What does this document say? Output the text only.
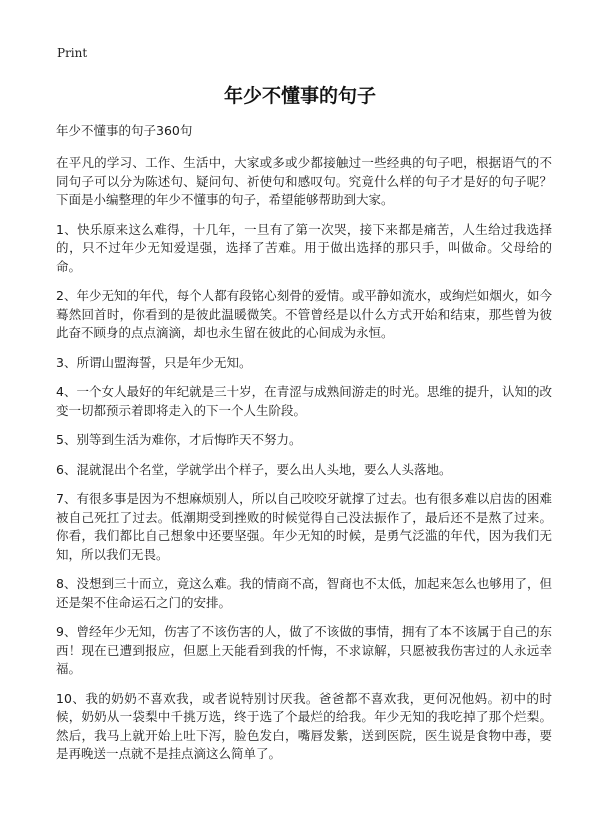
Print
年少不懂事的句子

年少不懂事的句子360句

在平凡的学习、工作、生活中，大家或多或少都接触过一些经典的句子吧，根据语气的不同句子可以分为陈述句、疑问句、祈使句和感叹句。究竟什么样的句子才是好的句子呢？下面是小编整理的年少不懂事的句子，希望能够帮助到大家。

1、快乐原来这么难得，十几年，一旦有了第一次哭，接下来都是痛苦，人生给过我选择的，只不过年少无知爱逞强，选择了苦难。用于做出选择的那只手，叫做命。父母给的命。

2、年少无知的年代，每个人都有段铭心刻骨的爱情。或平静如流水，或绚烂如烟火，如今蓦然回首时，你看到的是彼此温暖微笑。不管曾经是以什么方式开始和结束，那些曾为彼此奋不顾身的点点滴滴，却也永生留在彼此的心间成为永恒。

3、所谓山盟海誓，只是年少无知。

4、一个女人最好的年纪就是三十岁，在青涩与成熟间游走的时光。思维的提升，认知的改变一切都预示着即将走入的下一个人生阶段。

5、别等到生活为难你，才后悔昨天不努力。

6、混就混出个名堂，学就学出个样子，要么出人头地，要么人头落地。

7、有很多事是因为不想麻烦别人，所以自己咬咬牙就撑了过去。也有很多难以启齿的困难被自己死扛了过去。低潮期受到挫败的时候觉得自己没法振作了，最后还不是熬了过来。你看，我们都比自己想象中还要坚强。年少无知的时候，是勇气泛滥的年代，因为我们无知，所以我们无畏。

8、没想到三十而立，竟这么难。我的情商不高，智商也不太低，加起来怎么也够用了，但还是架不住命运石之门的安排。

9、曾经年少无知，伤害了不该伤害的人，做了不该做的事情，拥有了本不该属于自己的东西！现在已遭到报应，但愿上天能看到我的忏悔，不求谅解，只愿被我伤害过的人永远幸福。

10、我的奶奶不喜欢我，或者说特别讨厌我。爸爸都不喜欢我，更何况他妈。初中的时候，奶奶从一袋梨中千挑万选，终于选了个最烂的给我。年少无知的我吃掉了那个烂梨。然后，我马上就开始上吐下泻，脸色发白，嘴唇发紫，送到医院，医生说是食物中毒，要是再晚送一点就不是挂点滴这么简单了。
